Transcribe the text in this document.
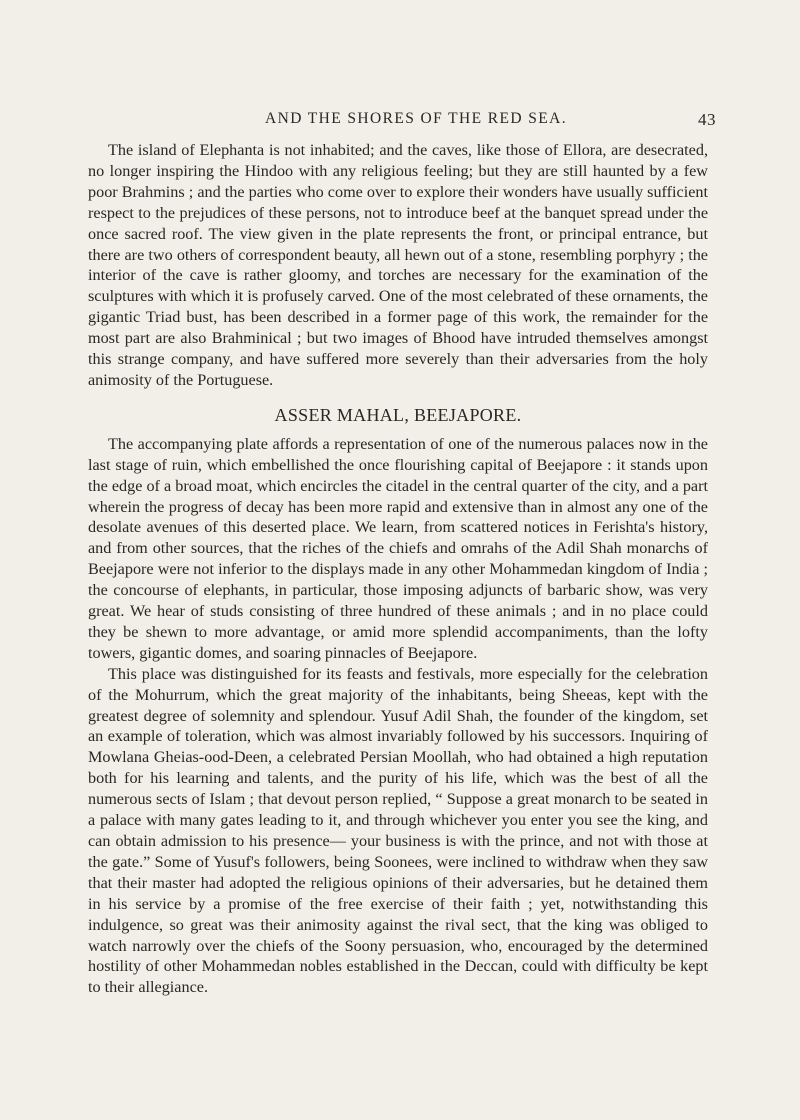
AND THE SHORES OF THE RED SEA.	43

The island of Elephanta is not inhabited; and the caves, like those of Ellora, are desecrated, no longer inspiring the Hindoo with any religious feeling; but they are still haunted by a few poor Brahmins ; and the parties who come over to explore their wonders have usually sufficient respect to the prejudices of these persons, not to introduce beef at the banquet spread under the once sacred roof. The view given in the plate represents the front, or principal entrance, but there are two others of correspondent beauty, all hewn out of a stone, resembling porphyry ; the interior of the cave is rather gloomy, and torches are necessary for the examination of the sculptures with which it is profusely carved. One of the most celebrated of these ornaments, the gigantic Triad bust, has been described in a former page of this work, the remainder for the most part are also Brahminical ; but two images of Bhood have intruded themselves amongst this strange company, and have suffered more severely than their adversaries from the holy animosity of the Portuguese.

ASSER MAHAL, BEEJAPORE.

The accompanying plate affords a representation of one of the numerous palaces now in the last stage of ruin, which embellished the once flourishing capital of Beejapore : it stands upon the edge of a broad moat, which encircles the citadel in the central quarter of the city, and a part wherein the progress of decay has been more rapid and extensive than in almost any one of the desolate avenues of this deserted place. We learn, from scattered notices in Ferishta's history, and from other sources, that the riches of the chiefs and omrahs of the Adil Shah monarchs of Beejapore were not inferior to the displays made in any other Mohammedan kingdom of India ; the concourse of elephants, in particular, those imposing adjuncts of barbaric show, was very great. We hear of studs consisting of three hundred of these animals ; and in no place could they be shewn to more advantage, or amid more splendid accompaniments, than the lofty towers, gigantic domes, and soaring pinnacles of Beejapore.

This place was distinguished for its feasts and festivals, more especially for the celebration of the Mohurrum, which the great majority of the inhabitants, being Sheeas, kept with the greatest degree of solemnity and splendour. Yusuf Adil Shah, the founder of the kingdom, set an example of toleration, which was almost invariably followed by his successors. Inquiring of Mowlana Gheias-ood-Deen, a celebrated Persian Moollah, who had obtained a high reputation both for his learning and talents, and the purity of his life, which was the best of all the numerous sects of Islam ; that devout person replied, “ Suppose a great monarch to be seated in a palace with many gates leading to it, and through whichever you enter you see the king, and can obtain admission to his presence— your business is with the prince, and not with those at the gate.” Some of Yusuf's followers, being Soonees, were inclined to withdraw when they saw that their master had adopted the religious opinions of their adversaries, but he detained them in his service by a promise of the free exercise of their faith ; yet, notwithstanding this indulgence, so great was their animosity against the rival sect, that the king was obliged to watch narrowly over the chiefs of the Soony persuasion, who, encouraged by the determined hostility of other Mohammedan nobles established in the Deccan, could with difficulty be kept to their allegiance.
